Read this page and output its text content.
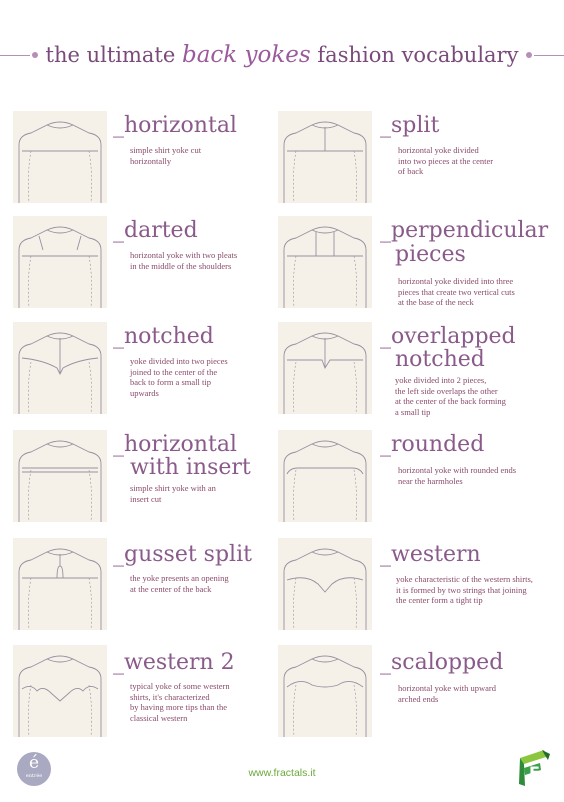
the ultimate back yokes fashion vocabulary
_horizontal
simple shirt yoke cut
horizontally
_split
horizontal yoke divided
into two pieces at the center
of back
_darted
horizontal yoke with two pleats
in the middle of the shoulders
_perpendicular
pieces
horizontal yoke divided into three
pieces that create two vertical cuts
at the base of the neck
_notched
yoke divided into two pieces
joined to the center of the
back to form a small tip
upwards
_overlapped
notched
yoke divided into 2 pieces,
the left side overlaps the other
at the center of the back forming
a small tip
_horizontal
with insert
simple shirt yoke with an
insert cut
_rounded
horizontal yoke with rounded ends
near the harmholes
_gusset split
the yoke presents an opening
at the center of the back
_western
yoke characteristic of the western shirts,
it is formed by two strings that joining
the center form a tight tip
_western 2
typical yoke of some western
shirts, it's characterized
by having more tips than the
classical western
_scalopped
horizontal yoke with upward
arched ends
é
entrée	www.fractals.it	F
